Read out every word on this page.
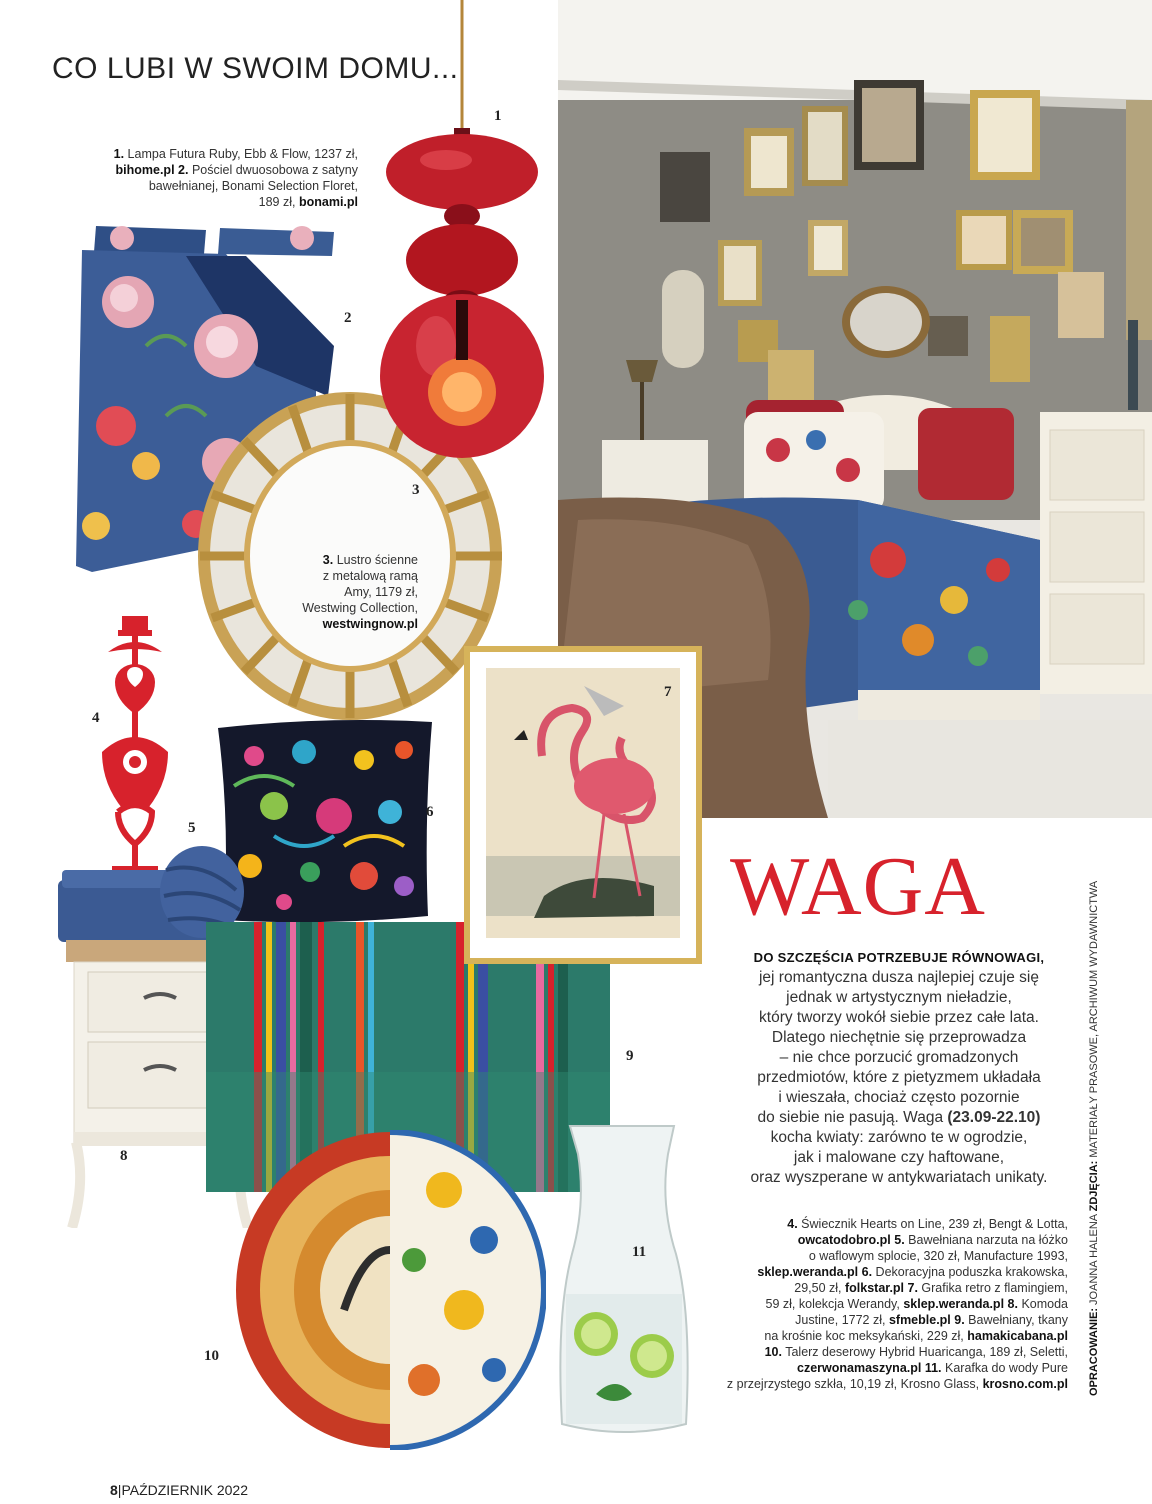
CO LUBI W SWOIM DOMU...
1
2
3
4
5
6
7
8
9
10
11
1. Lampa Futura Ruby, Ebb & Flow, 1237 zł,
bihome.pl 2. Pościel dwuosobowa z satyny
bawełnianej, Bonami Selection Floret,
189 zł, bonami.pl
3. Lustro ścienne
z metalową ramą
Amy, 1179 zł,
Westwing Collection,
westwingnow.pl
WAGA
DO SZCZĘŚCIA POTRZEBUJE RÓWNOWAGI,
jej romantyczna dusza najlepiej czuje się
jednak w artystycznym nieładzie,
który tworzy wokół siebie przez całe lata.
Dlatego niechętnie się przeprowadza
– nie chce porzucić gromadzonych
przedmiotów, które z pietyzmem układała
i wieszała, chociaż często pozornie
do siebie nie pasują. Waga (23.09-22.10)
kocha kwiaty: zarówno te w ogrodzie,
jak i malowane czy haftowane,
oraz wyszperane w antykwariatach unikaty.
4. Świecznik Hearts on Line, 239 zł, Bengt & Lotta,
owcatodobro.pl 5. Bawełniana narzuta na łóżko
o waflowym splocie, 320 zł, Manufacture 1993,
sklep.weranda.pl 6. Dekoracyjna poduszka krakowska,
29,50 zł, folkstar.pl 7. Grafika retro z flamingiem,
59 zł, kolekcja Werandy, sklep.weranda.pl 8. Komoda
Justine, 1772 zł, sfmeble.pl 9. Bawełniany, tkany
na krośnie koc meksykański, 229 zł, hamakicabana.pl
10. Talerz deserowy Hybrid Huaricanga, 189 zł, Seletti,
czerwonamaszyna.pl 11. Karafka do wody Pure
z przejrzystego szkła, 10,19 zł, Krosno Glass, krosno.com.pl OPRACOWANIE: JOANNA HALENA ZDJĘCIA: MATERIAŁY PRASOWE, ARCHIWUM WYDAWNICTWA
8|PAŹDZIERNIK 2022
